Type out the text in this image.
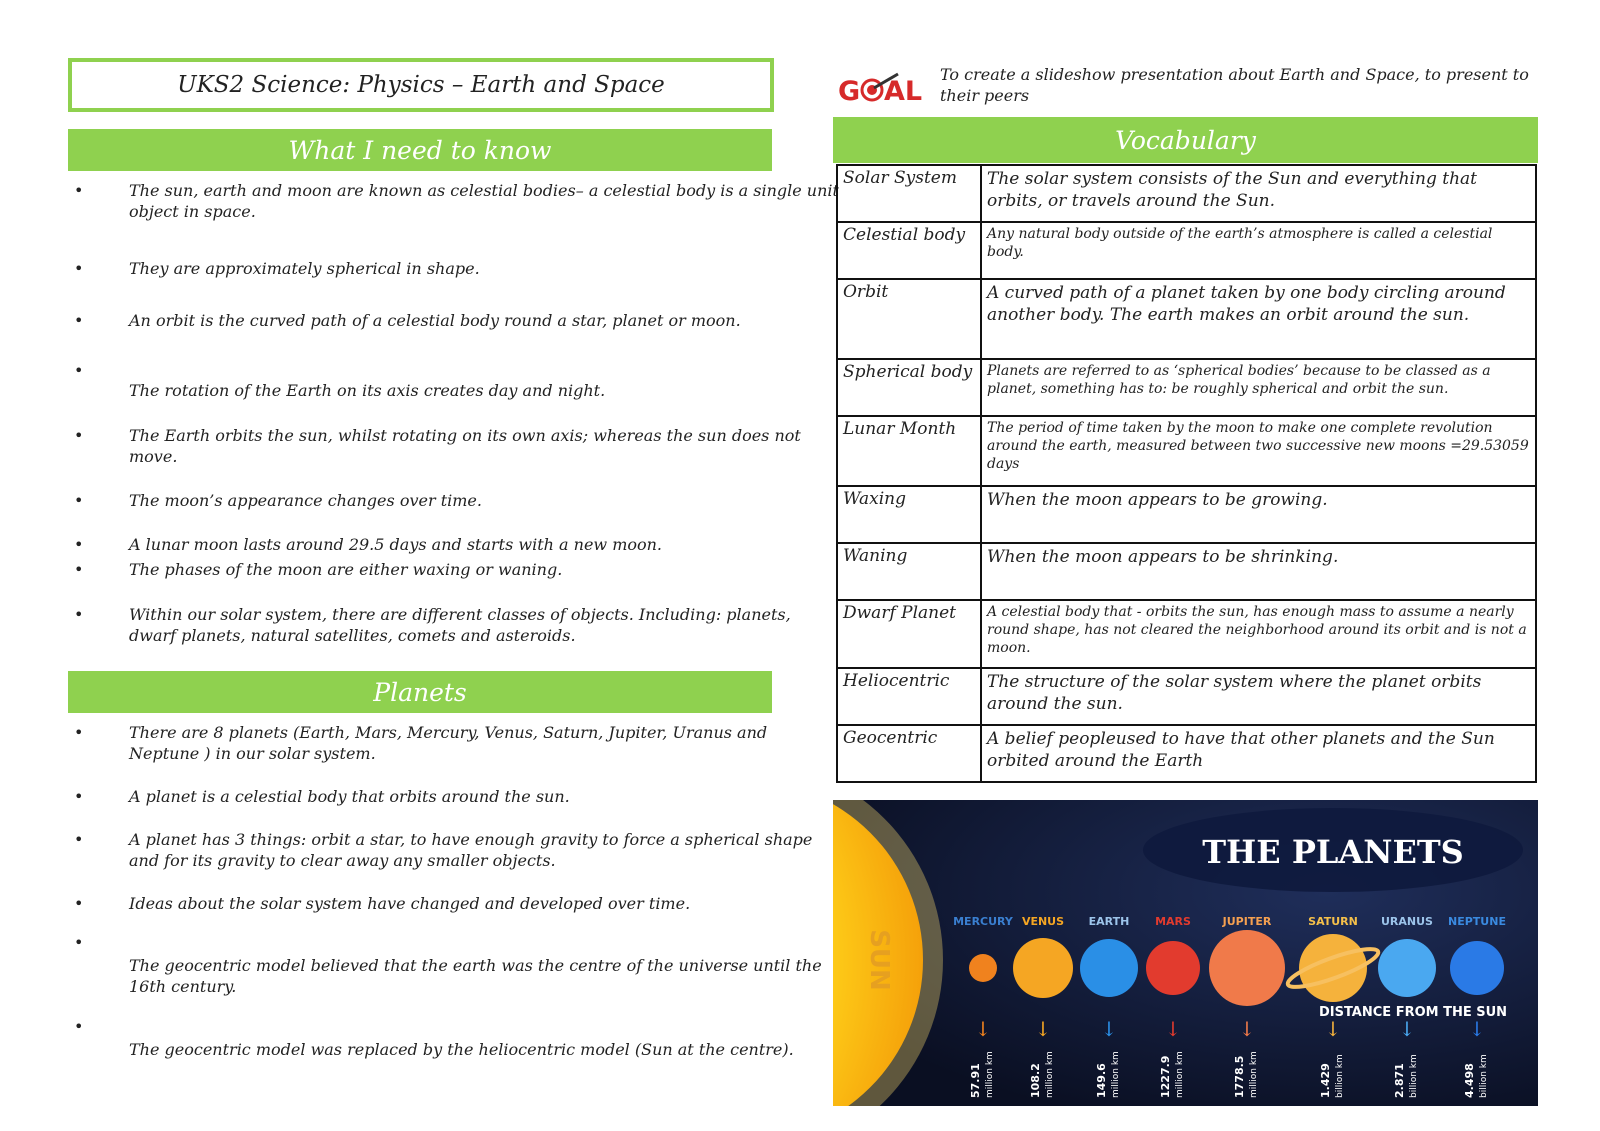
UKS2 Science: Physics – Earth and Space
What I need to know
•	The sun, earth and moon are known as celestial bodies– a celestial body is a single unit object in space.
•	They are approximately spherical in shape.
•	An orbit is the curved path of a celestial body round a star, planet or moon.
•
The rotation of the Earth on its axis creates day and night.
•	The Earth orbits the sun, whilst rotating on its own axis; whereas the sun does not move.
•	The moon’s appearance changes over time.
•	A lunar moon lasts around 29.5 days and starts with a new moon.
•	The phases of the moon are either waxing or waning.
•	Within our solar system, there are different classes of objects. Including: planets, dwarf planets, natural satellites, comets and asteroids.
Planets
•	There are 8 planets (Earth, Mars, Mercury, Venus, Saturn, Jupiter, Uranus and Neptune ) in our solar system.
•	A planet is a celestial body that orbits around the sun.
•	A planet has 3 things: orbit a star, to have enough gravity to force a spherical shape and for its gravity to clear away any smaller objects.
•	Ideas about the solar system have changed and developed over time.
•
The geocentric model believed that the earth was the centre of the universe until the 16th century.
•
The geocentric model was replaced by the heliocentric model (Sun at the centre).
G AL
To create a slideshow presentation about Earth and Space, to present to their peers
Vocabulary
Solar System	The solar system consists of the Sun and everything that orbits, or travels around the Sun.
Celestial body	Any natural body outside of the earth’s atmosphere is called a celestial body.
Orbit	A curved path of a planet taken by one body circling around another body. The earth makes an orbit around the sun.
Spherical body	Planets are referred to as ‘spherical bodies’ because to be classed as a planet, something has to: be roughly spherical and orbit the sun.
Lunar Month	The period of time taken by the moon to make one complete revolution around the earth, measured between two successive new moons =29.53059 days
Waxing	When the moon appears to be growing.
Waning	When the moon appears to be shrinking.
Dwarf Planet	A celestial body that - orbits the sun, has enough mass to assume a nearly round shape, has not cleared the neighborhood around its orbit and is not a moon.
Heliocentric	The structure of the solar system where the planet orbits around the sun.
Geocentric	A belief peopleused to have that other planets and the Sun orbited around the Earth
SUN
THE PLANETS
DISTANCE FROM THE SUN
MERCURY
↓
57.91 million km
VENUS
↓
108.2 million km
EARTH
↓
149.6 million km
MARS
↓
1227.9 million km
JUPITER
↓
1778.5 million km
SATURN
↓
1.429 billion km
URANUS
↓
2.871 billion km
NEPTUNE
↓
4.498 billion km
